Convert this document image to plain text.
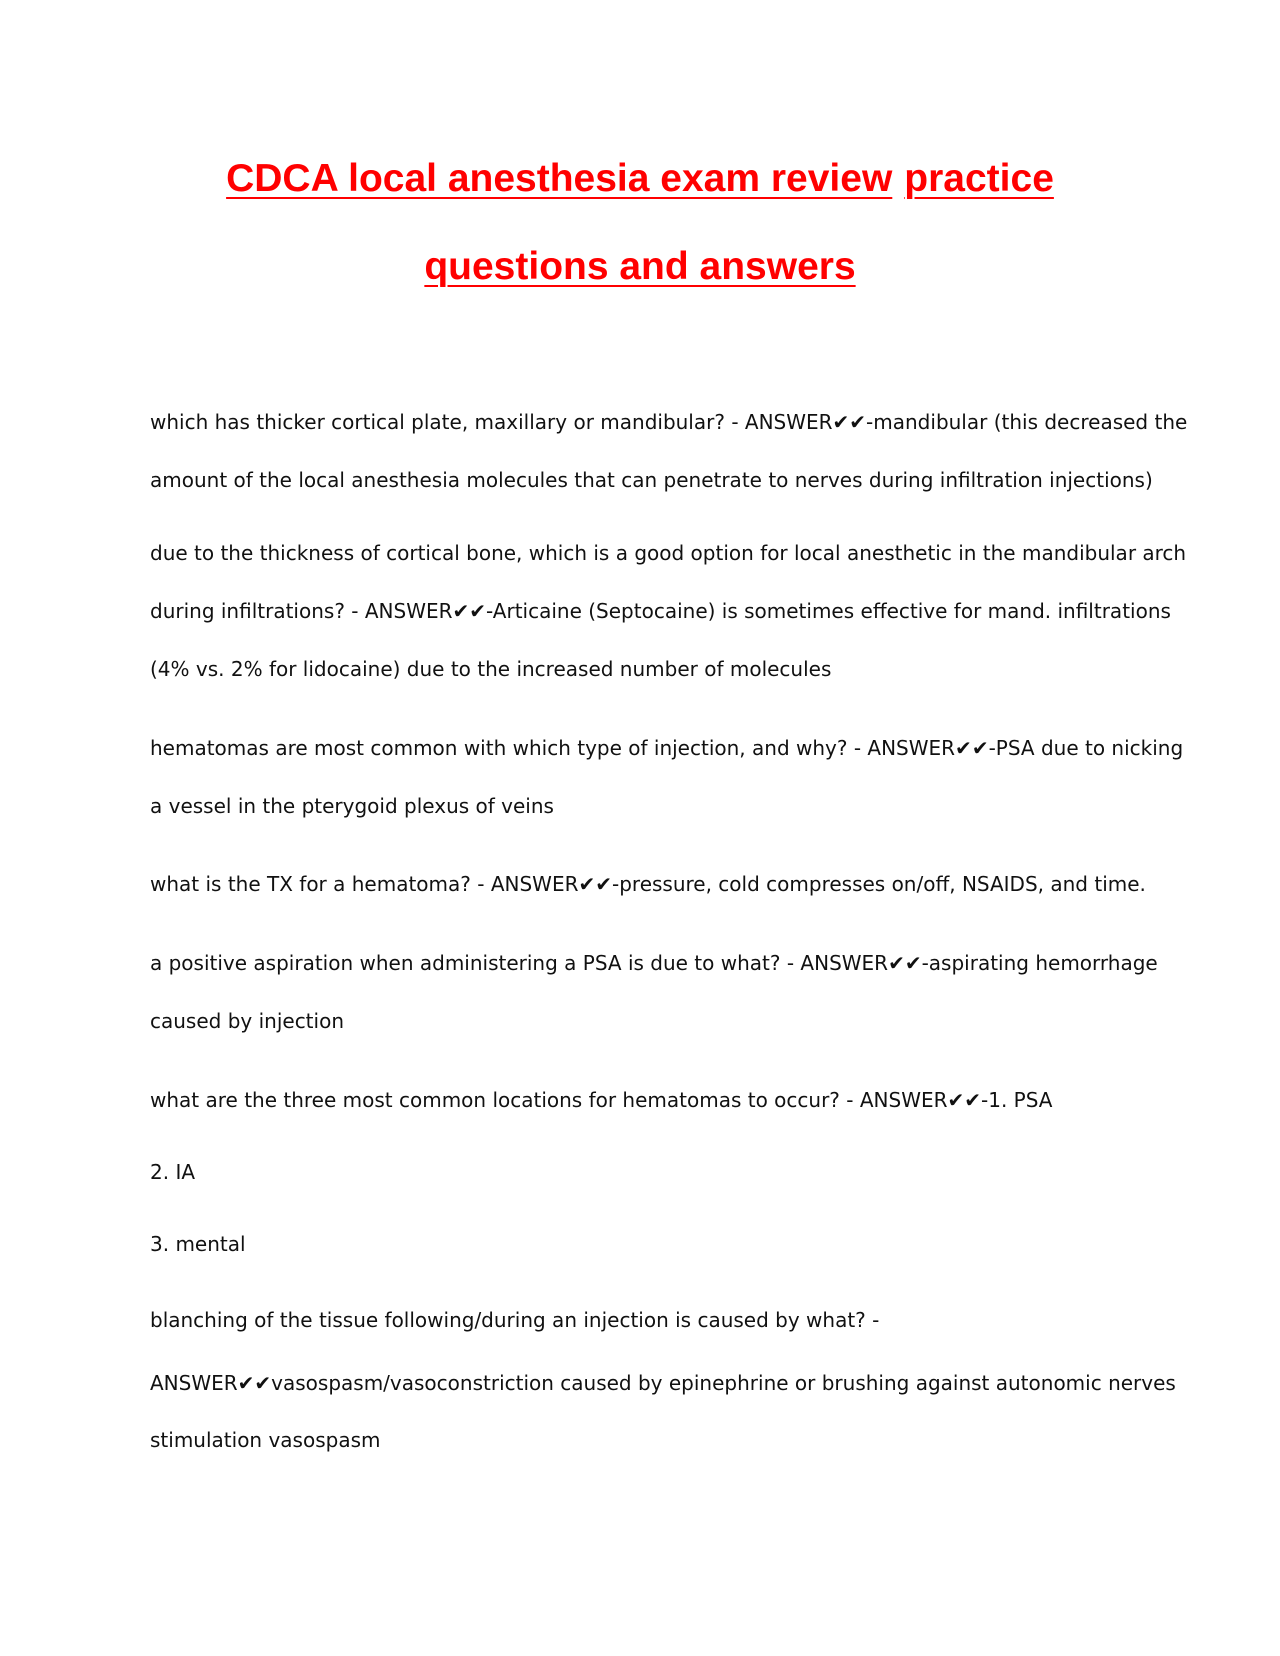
CDCA local anesthesia exam review practice
questions and answers
which has thicker cortical plate, maxillary or mandibular? - ANSWER✔✔-mandibular (this decreased the
amount of the local anesthesia molecules that can penetrate to nerves during infiltration injections)
due to the thickness of cortical bone, which is a good option for local anesthetic in the mandibular arch
during infiltrations? - ANSWER✔✔-Articaine (Septocaine) is sometimes effective for mand. infiltrations
(4% vs. 2% for lidocaine) due to the increased number of molecules
hematomas are most common with which type of injection, and why? - ANSWER✔✔-PSA due to nicking
a vessel in the pterygoid plexus of veins
what is the TX for a hematoma? - ANSWER✔✔-pressure, cold compresses on/off, NSAIDS, and time.
a positive aspiration when administering a PSA is due to what? - ANSWER✔✔-aspirating hemorrhage
caused by injection
what are the three most common locations for hematomas to occur? - ANSWER✔✔-1. PSA
2. IA
3. mental
blanching of the tissue following/during an injection is caused by what? -
ANSWER✔✔vasospasm/vasoconstriction caused by epinephrine or brushing against autonomic nerves
stimulation vasospasm
